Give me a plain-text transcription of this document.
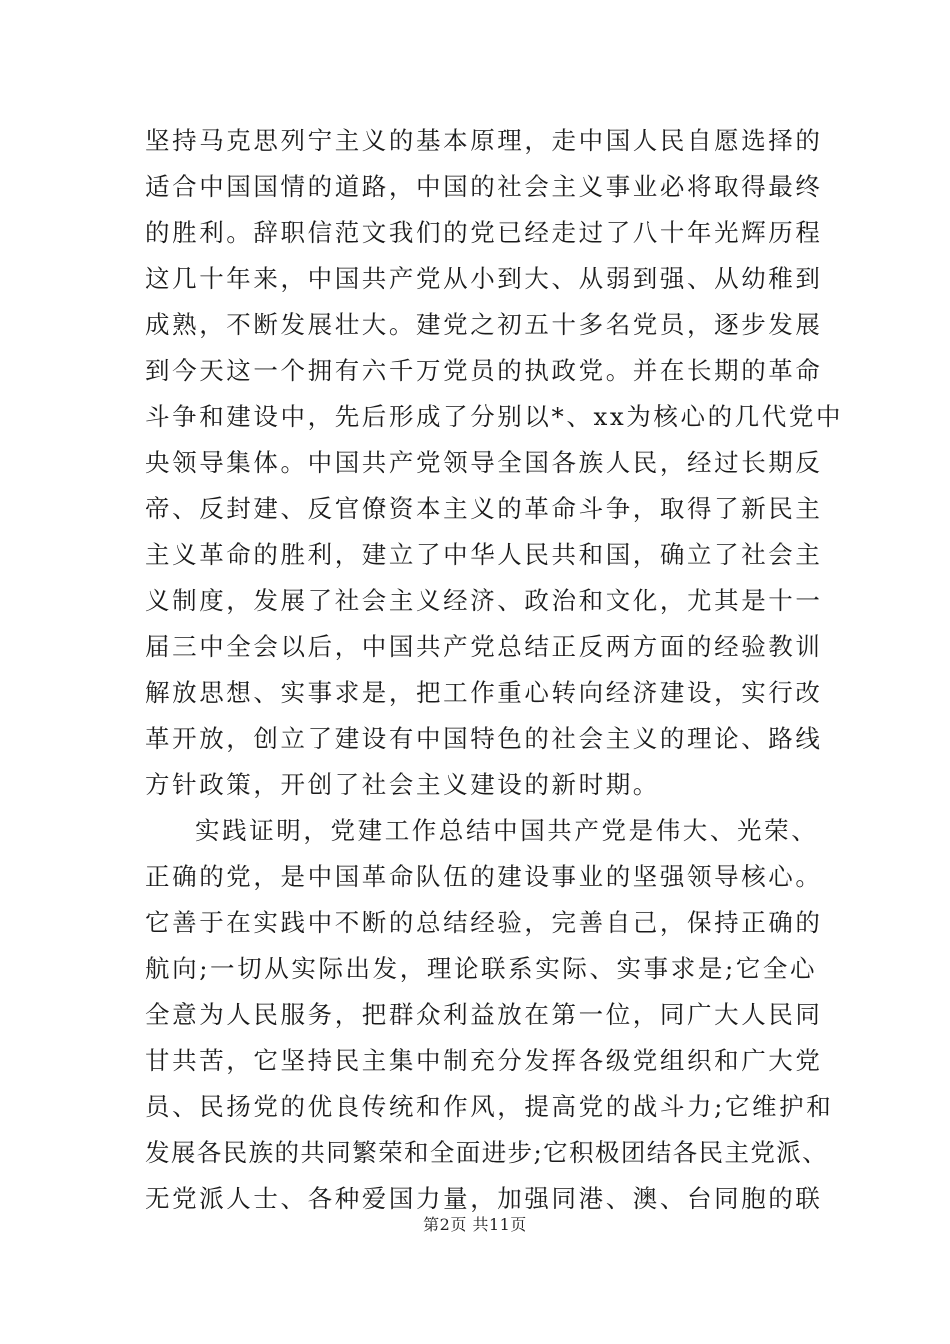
坚持马克思列宁主义的基本原理，走中国人民自愿选择的
适合中国国情的道路，中国的社会主义事业必将取得最终
的胜利。辞职信范文我们的党已经走过了八十年光辉历程
这几十年来，中国共产党从小到大、从弱到强、从幼稚到
成熟，不断发展壮大。建党之初五十多名党员，逐步发展
到今天这一个拥有六千万党员的执政党。并在长期的革命
斗争和建设中，先后形成了分别以*、xx为核心的几代党中
央领导集体。中国共产党领导全国各族人民，经过长期反
帝、反封建、反官僚资本主义的革命斗争，取得了新民主
主义革命的胜利，建立了中华人民共和国，确立了社会主
义制度，发展了社会主义经济、政治和文化，尤其是十一
届三中全会以后，中国共产党总结正反两方面的经验教训
解放思想、实事求是，把工作重心转向经济建设，实行改
革开放，创立了建设有中国特色的社会主义的理论、路线
方针政策，开创了社会主义建设的新时期。
实践证明，党建工作总结中国共产党是伟大、光荣、
正确的党，是中国革命队伍的建设事业的坚强领导核心。
它善于在实践中不断的总结经验，完善自己，保持正确的
航向;一切从实际出发，理论联系实际、实事求是;它全心
全意为人民服务，把群众利益放在第一位，同广大人民同
甘共苦，它坚持民主集中制充分发挥各级党组织和广大党
员、民扬党的优良传统和作风，提高党的战斗力;它维护和
发展各民族的共同繁荣和全面进步;它积极团结各民主党派、
无党派人士、各种爱国力量，加强同港、澳、台同胞的联
第2页 共11页
